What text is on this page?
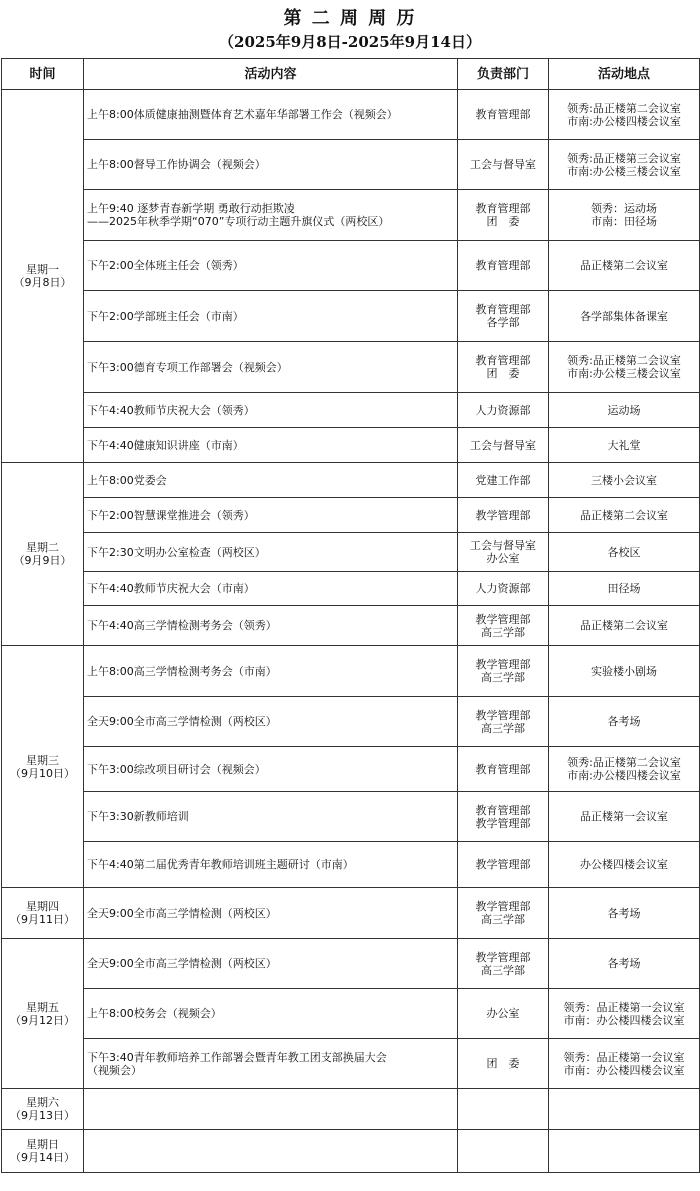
第 二 周 周 历
（2025年9月8日-2025年9月14日）
时间	活动内容	负责部门	活动地点

星期一
（9月8日）	上午8:00体质健康抽测暨体育艺术嘉年华部署工作会（视频会）	教育管理部	领秀:品正楼第二会议室
市南:办公楼四楼会议室

	上午8:00督导工作协调会（视频会）	工会与督导室	领秀:品正楼第三会议室
市南:办公楼三楼会议室

	上午9:40 逐梦青春新学期 勇敢行动拒欺凌
——2025年秋季学期“070”专项行动主题升旗仪式（两校区）	教育管理部
团　委	领秀：运动场
市南：田径场

	下午2:00全体班主任会（领秀）	教育管理部	品正楼第二会议室

	下午2:00学部班主任会（市南）	教育管理部
各学部	各学部集体备课室

	下午3:00德育专项工作部署会（视频会）	教育管理部
团　委	领秀:品正楼第二会议室
市南:办公楼三楼会议室

	下午4:40教师节庆祝大会（领秀）	人力资源部	运动场

	下午4:40健康知识讲座（市南）	工会与督导室	大礼堂

星期二
（9月9日）	上午8:00党委会	党建工作部	三楼小会议室

	下午2:00智慧课堂推进会（领秀）	教学管理部	品正楼第二会议室

	下午2:30文明办公室检查（两校区）	工会与督导室
办公室	各校区

	下午4:40教师节庆祝大会（市南）	人力资源部	田径场

	下午4:40高三学情检测考务会（领秀）	教学管理部
高三学部	品正楼第二会议室

星期三
（9月10日）	上午8:00高三学情检测考务会（市南）	教学管理部
高三学部	实验楼小剧场

	全天9:00全市高三学情检测（两校区）	教学管理部
高三学部	各考场

	下午3:00综改项目研讨会（视频会）	教育管理部	领秀:品正楼第二会议室
市南:办公楼四楼会议室

	下午3:30新教师培训	教育管理部
教学管理部	品正楼第一会议室

	下午4:40第二届优秀青年教师培训班主题研讨（市南）	教学管理部	办公楼四楼会议室

星期四
（9月11日）	全天9:00全市高三学情检测（两校区）	教学管理部
高三学部	各考场

星期五
（9月12日）	全天9:00全市高三学情检测（两校区）	教学管理部
高三学部	各考场

	上午8:00校务会（视频会）	办公室	领秀：品正楼第一会议室
市南：办公楼四楼会议室

	下午3:40青年教师培养工作部署会暨青年教工团支部换届大会
（视频会）	团　委	领秀：品正楼第一会议室
市南：办公楼四楼会议室

星期六
（9月13日）			

星期日
（9月14日）			
